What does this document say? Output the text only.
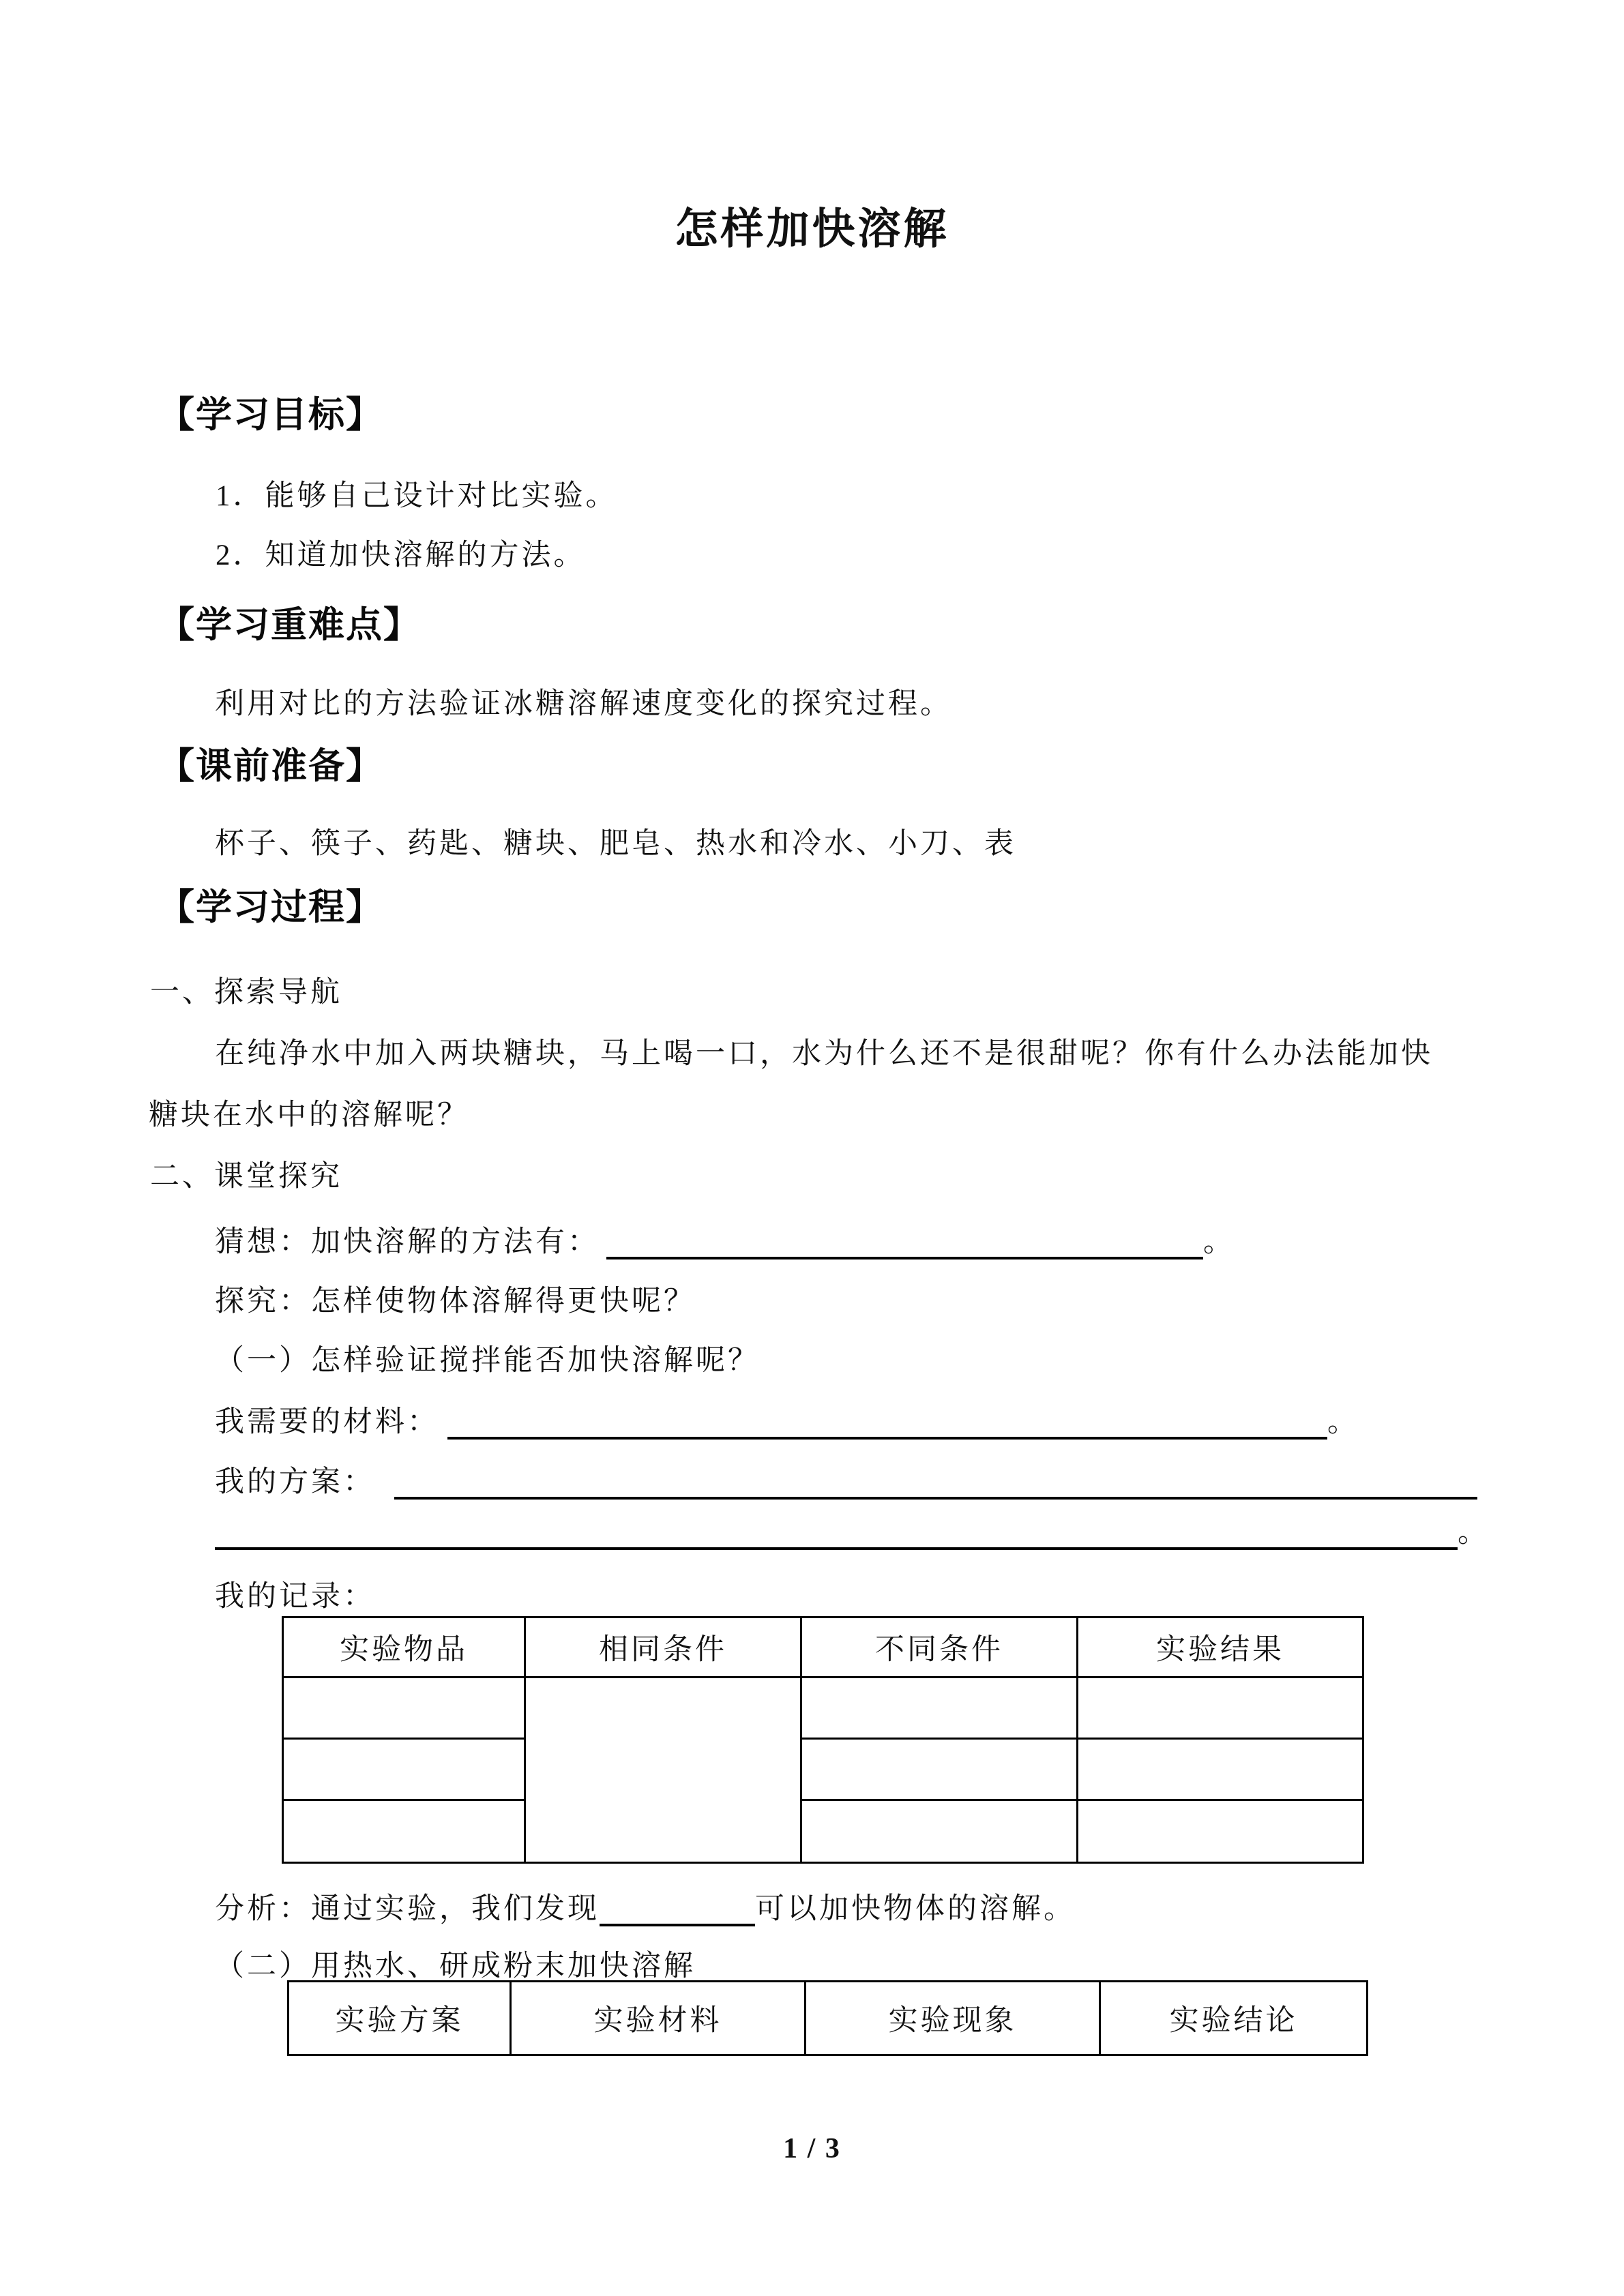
怎样加快溶解
【学习目标】
1．能够自己设计对比实验。
2．知道加快溶解的方法。
【学习重难点】
利用对比的方法验证冰糖溶解速度变化的探究过程。
【课前准备】
杯子、筷子、药匙、糖块、肥皂、热水和冷水、小刀、表
【学习过程】
一、探索导航
在纯净水中加入两块糖块，马上喝一口，水为什么还不是很甜呢？你有什么办法能加快
糖块在水中的溶解呢？
二、课堂探究
猜想：加快溶解的方法有：	。
探究：怎样使物体溶解得更快呢？
（一）怎样验证搅拌能否加快溶解呢？
我需要的材料：	。
我的方案：
。
我的记录：
实验物品	相同条件	不同条件	实验结果

分析：通过实验，我们发现	可以加快物体的溶解。
（二）用热水、研成粉末加快溶解
实验方案	实验材料	实验现象	实验结论
1 / 3
